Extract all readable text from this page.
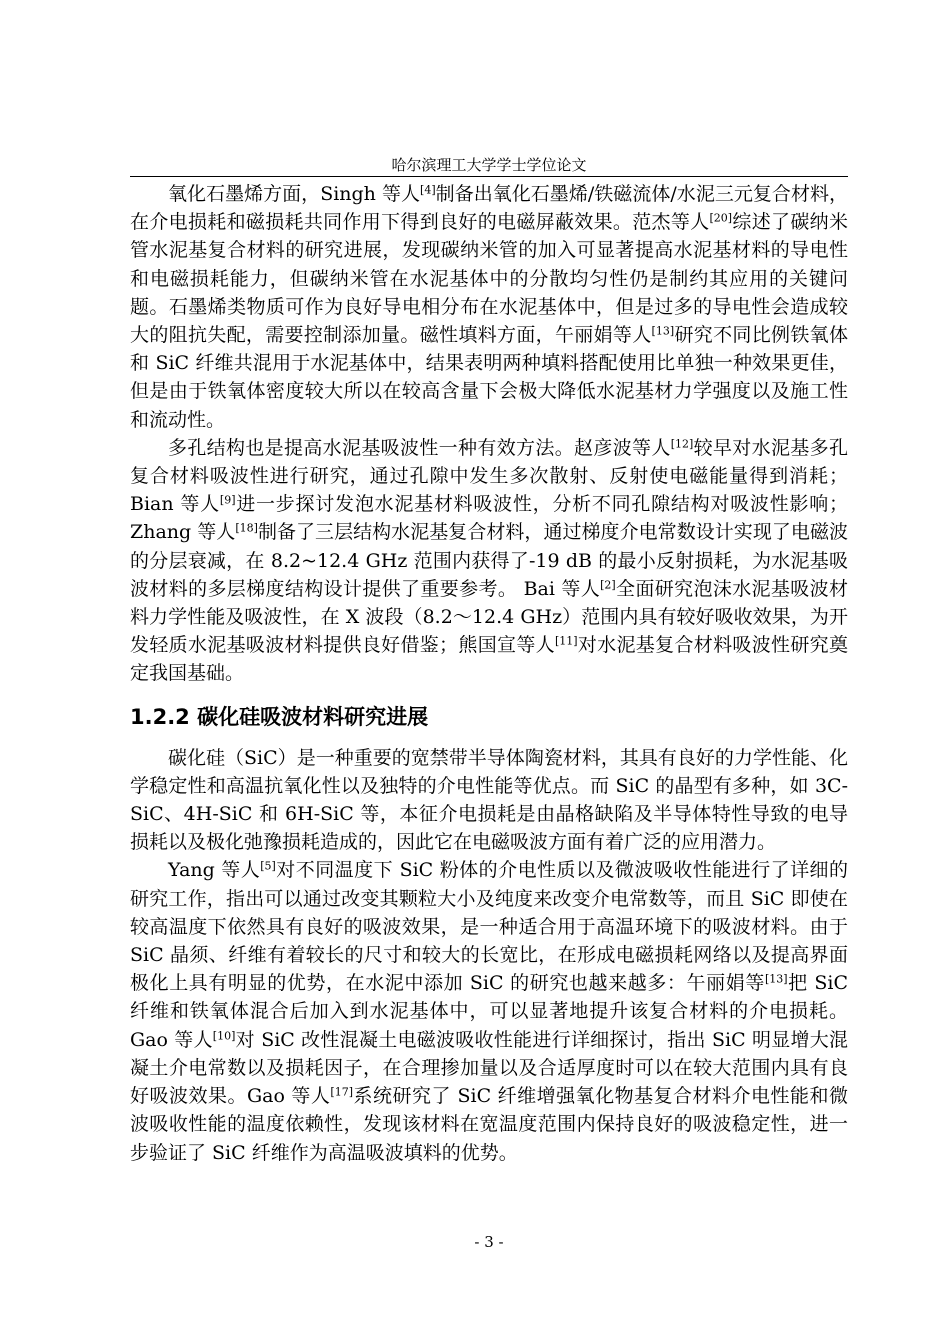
哈尔滨理工大学学士学位论文

氧化石墨烯方面，Singh 等人[4]制备出氧化石墨烯/铁磁流体/水泥三元复合材料，在介电损耗和磁损耗共同作用下得到良好的电磁屏蔽效果。范杰等人[20]综述了碳纳米管水泥基复合材料的研究进展，发现碳纳米管的加入可显著提高水泥基材料的导电性和电磁损耗能力，但碳纳米管在水泥基体中的分散均匀性仍是制约其应用的关键问题。石墨烯类物质可作为良好导电相分布在水泥基体中，但是过多的导电性会造成较大的阻抗失配，需要控制添加量。磁性填料方面，午丽娟等人[13]研究不同比例铁氧体和 SiC 纤维共混用于水泥基体中，结果表明两种填料搭配使用比单独一种效果更佳，但是由于铁氧体密度较大所以在较高含量下会极大降低水泥基材力学强度以及施工性和流动性。

多孔结构也是提高水泥基吸波性一种有效方法。赵彦波等人[12]较早对水泥基多孔复合材料吸波性进行研究，通过孔隙中发生多次散射、反射使电磁能量得到消耗；Bian 等人[9]进一步探讨发泡水泥基材料吸波性，分析不同孔隙结构对吸波性影响；Zhang 等人[18]制备了三层结构水泥基复合材料，通过梯度介电常数设计实现了电磁波的分层衰减，在 8.2~12.4 GHz 范围内获得了-19 dB 的最小反射损耗，为水泥基吸波材料的多层梯度结构设计提供了重要参考。 Bai 等人[2]全面研究泡沫水泥基吸波材料力学性能及吸波性，在 X 波段（8.2～12.4 GHz）范围内具有较好吸收效果，为开发轻质水泥基吸波材料提供良好借鉴；熊国宣等人[11]对水泥基复合材料吸波性研究奠定我国基础。

1.2.2 碳化硅吸波材料研究进展

碳化硅（SiC）是一种重要的宽禁带半导体陶瓷材料，其具有良好的力学性能、化学稳定性和高温抗氧化性以及独特的介电性能等优点。而 SiC 的晶型有多种，如 3C-SiC、4H-SiC 和 6H-SiC 等，本征介电损耗是由晶格缺陷及半导体特性导致的电导损耗以及极化弛豫损耗造成的，因此它在电磁吸波方面有着广泛的应用潜力。

Yang 等人[5]对不同温度下 SiC 粉体的介电性质以及微波吸收性能进行了详细的研究工作，指出可以通过改变其颗粒大小及纯度来改变介电常数等，而且 SiC 即使在较高温度下依然具有良好的吸波效果，是一种适合用于高温环境下的吸波材料。由于 SiC 晶须、纤维有着较长的尺寸和较大的长宽比，在形成电磁损耗网络以及提高界面极化上具有明显的优势，在水泥中添加 SiC 的研究也越来越多：午丽娟等[13]把 SiC 纤维和铁氧体混合后加入到水泥基体中，可以显著地提升该复合材料的介电损耗。Gao 等人[10]对 SiC 改性混凝土电磁波吸收性能进行详细探讨，指出 SiC 明显增大混凝土介电常数以及损耗因子，在合理掺加量以及合适厚度时可以在较大范围内具有良好吸波效果。Gao 等人[17]系统研究了 SiC 纤维增强氧化物基复合材料介电性能和微波吸收性能的温度依赖性，发现该材料在宽温度范围内保持良好的吸波稳定性，进一步验证了 SiC 纤维作为高温吸波填料的优势。

- 3 -
